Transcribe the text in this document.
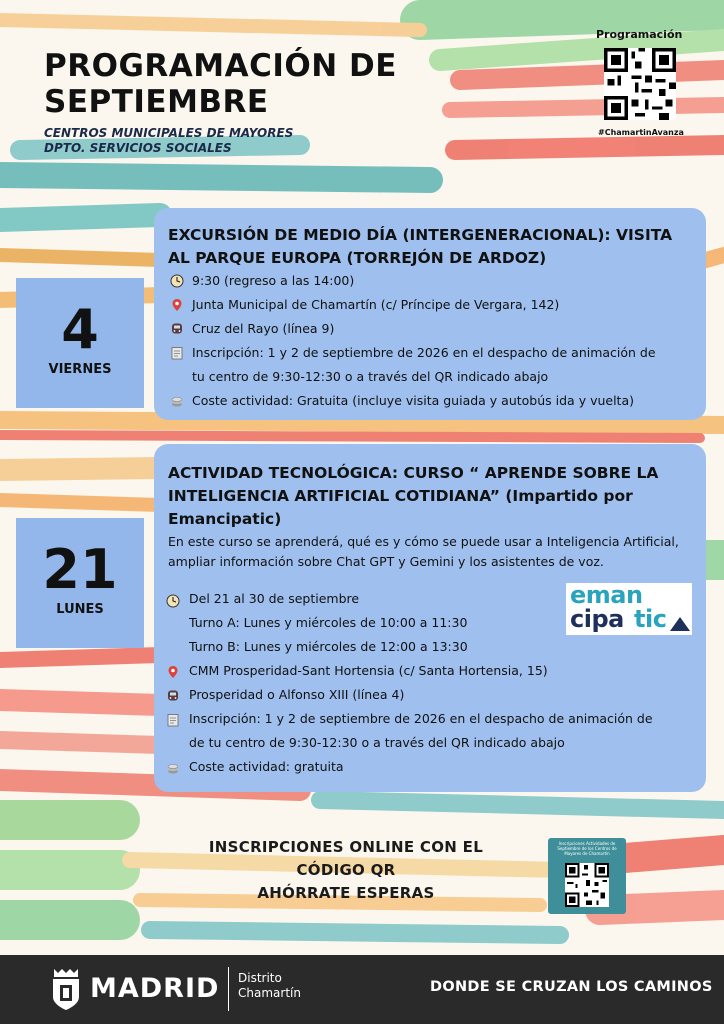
PROGRAMACIÓN DE
SEPTIEMBRE
CENTROS MUNICIPALES DE MAYORES
DPTO. SERVICIOS SOCIALES
Programación
#ChamartinAvanza
4
VIERNES
EXCURSIÓN DE MEDIO DÍA (INTERGENERACIONAL): VISITA
AL PARQUE EUROPA (TORREJÓN DE ARDOZ)
9:30 (regreso a las 14:00)
Junta Municipal de Chamartín (c/ Príncipe de Vergara, 142)
Cruz del Rayo (línea 9)
Inscripción: 1 y 2 de septiembre de 2026 en el despacho de animación de
tu centro de 9:30-12:30 o a través del QR indicado abajo
Coste actividad: Gratuita (incluye visita guiada y autobús ida y vuelta)
21
LUNES
ACTIVIDAD TECNOLÓGICA: CURSO “ APRENDE SOBRE LA
INTELIGENCIA ARTIFICIAL COTIDIANA” (Impartido por
Emancipatic)
En este curso se aprenderá, qué es y cómo se puede usar a Inteligencia Artificial, ampliar información sobre Chat GPT y Gemini y los asistentes de voz.
Del 21 al 30 de septiembre
Turno A: Lunes y miércoles de 10:00 a 11:30
Turno B: Lunes y miércoles de 12:00 a 13:30
CMM Prosperidad-Sant Hortensia (c/ Santa Hortensia, 15)
Prosperidad o Alfonso XIII (línea 4)
Inscripción: 1 y 2 de septiembre de 2026 en el despacho de animación de
de tu centro de 9:30-12:30 o a través del QR indicado abajo
Coste actividad: gratuita
eman
cipa tic
INSCRIPCIONES ONLINE CON EL
CÓDIGO QR
AHÓRRATE ESPERAS
Inscripciones Actividades de Septiembre de los Centros de Mayores de Chamartín
MADRID Distrito
Chamartín	DONDE SE CRUZAN LOS CAMINOS
